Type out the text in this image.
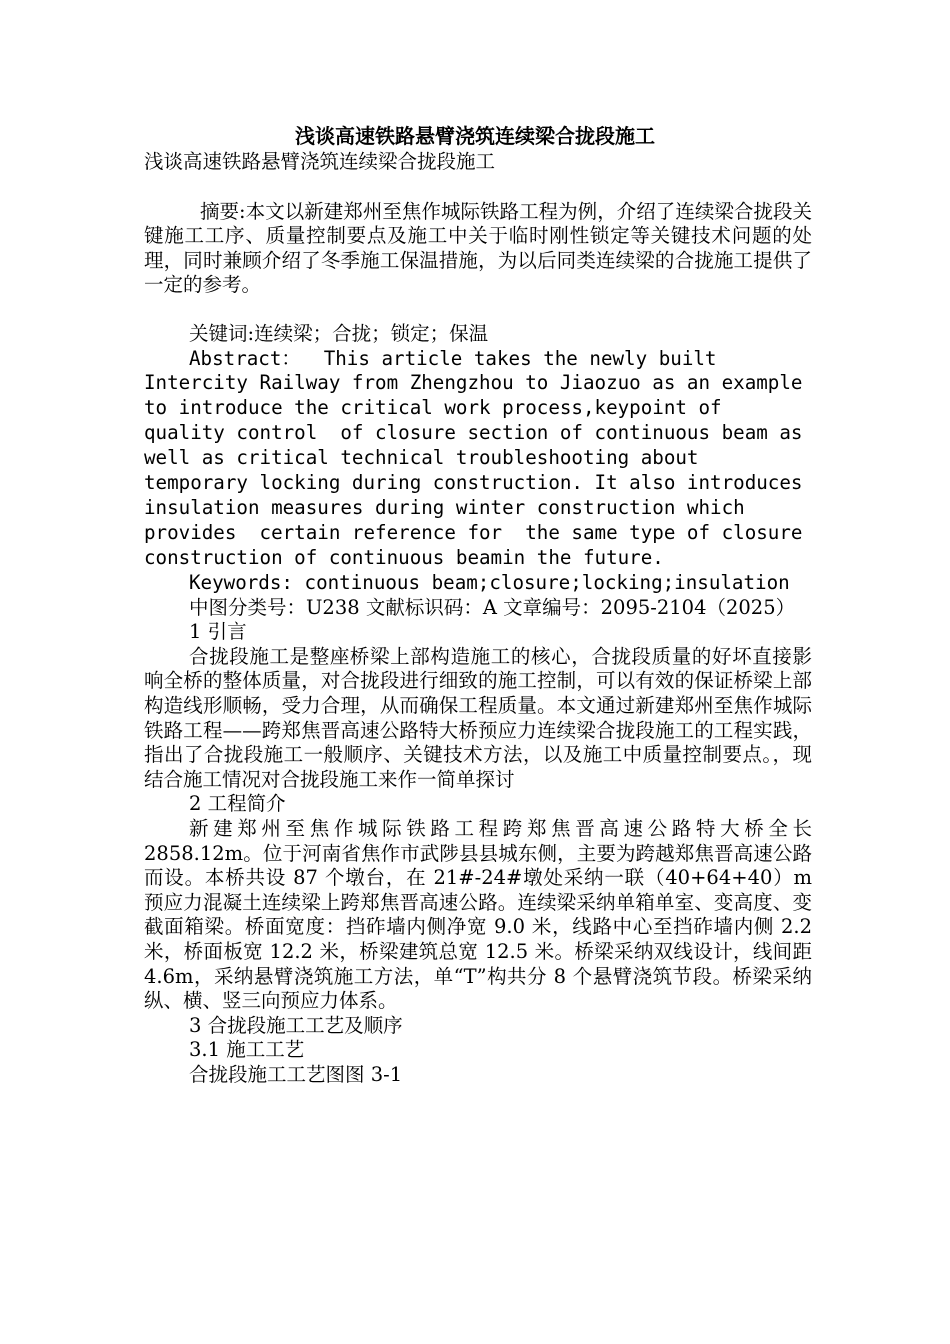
浅谈高速铁路悬臂浇筑连续梁合拢段施工

浅谈高速铁路悬臂浇筑连续梁合拢段施工

摘要:本文以新建郑州至焦作城际铁路工程为例，介绍了连续梁合拢段关键施工工序、质量控制要点及施工中关于临时刚性锁定等关键技术问题的处理，同时兼顾介绍了冬季施工保温措施，为以后同类连续梁的合拢施工提供了一定的参考。

关键词:连续梁；合拢；锁定；保温

Abstract：  This article takes the newly built Intercity Railway from Zhengzhou to Jiaozuo as an example to introduce the critical work process,keypoint of quality control  of closure section of continuous beam as well as critical technical troubleshooting about temporary locking during construction. It also introduces insulation measures during winter construction which provides  certain reference for  the same type of closure construction of continuous beamin the future.

Keywords: continuous beam;closure;locking;insulation

中图分类号：U238 文献标识码：A 文章编号：2095-2104（2025）

1 引言

合拢段施工是整座桥梁上部构造施工的核心，合拢段质量的好坏直接影响全桥的整体质量，对合拢段进行细致的施工控制，可以有效的保证桥梁上部构造线形顺畅，受力合理，从而确保工程质量。本文通过新建郑州至焦作城际铁路工程——跨郑焦晋高速公路特大桥预应力连续梁合拢段施工的工程实践，指出了合拢段施工一般顺序、关键技术方法，以及施工中质量控制要点。，现结合施工情况对合拢段施工来作一简单探讨

2 工程简介

新建郑州至焦作城际铁路工程跨郑焦晋高速公路特大桥全长2858.12m。位于河南省焦作市武陟县县城东侧，主要为跨越郑焦晋高速公路而设。本桥共设 87 个墩台，在 21#-24#墩处采纳一联（40+64+40）m 预应力混凝土连续梁上跨郑焦晋高速公路。连续梁采纳单箱单室、变高度、变截面箱梁。桥面宽度：挡砟墙内侧净宽 9.0 米，线路中心至挡砟墙内侧 2.2 米，桥面板宽 12.2 米，桥梁建筑总宽 12.5 米。桥梁采纳双线设计，线间距 4.6m，采纳悬臂浇筑施工方法，单“T”构共分 8 个悬臂浇筑节段。桥梁采纳纵、横、竖三向预应力体系。

3 合拢段施工工艺及顺序

3.1 施工工艺

合拢段施工工艺图图 3-1
